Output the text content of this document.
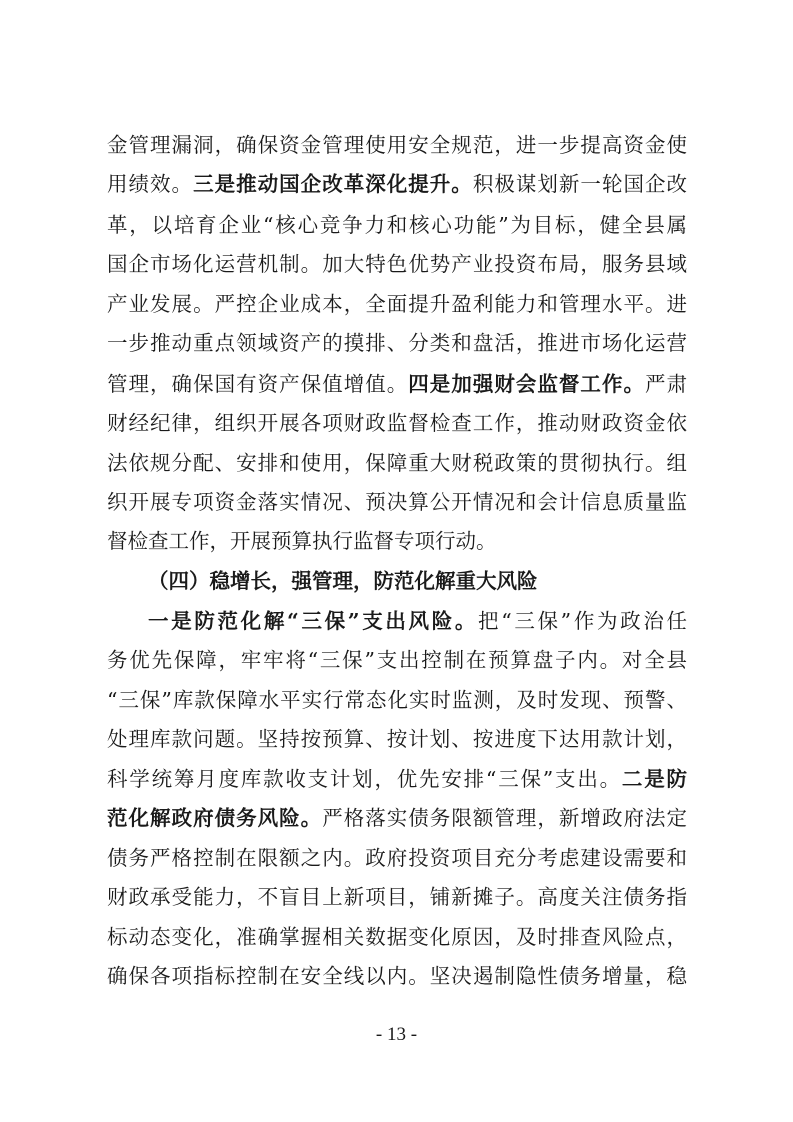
金管理漏洞，确保资金管理使用安全规范，进一步提高资金使
用绩效。三是推动国企改革深化提升。积极谋划新一轮国企改
革，以培育企业“核心竞争力和核心功能”为目标，健全县属
国企市场化运营机制。加大特色优势产业投资布局，服务县域
产业发展。严控企业成本，全面提升盈利能力和管理水平。进
一步推动重点领域资产的摸排、分类和盘活，推进市场化运营
管理，确保国有资产保值增值。四是加强财会监督工作。严肃
财经纪律，组织开展各项财政监督检查工作，推动财政资金依
法依规分配、安排和使用，保障重大财税政策的贯彻执行。组
织开展专项资金落实情况、预决算公开情况和会计信息质量监
督检查工作，开展预算执行监督专项行动。
（四）稳增长，强管理，防范化解重大风险
一是防范化解“三保”支出风险。把“三保”作为政治任
务优先保障，牢牢将“三保”支出控制在预算盘子内。对全县
“三保”库款保障水平实行常态化实时监测，及时发现、预警、
处理库款问题。坚持按预算、按计划、按进度下达用款计划，
科学统筹月度库款收支计划，优先安排“三保”支出。二是防
范化解政府债务风险。严格落实债务限额管理，新增政府法定
债务严格控制在限额之内。政府投资项目充分考虑建设需要和
财政承受能力，不盲目上新项目，铺新摊子。高度关注债务指
标动态变化，准确掌握相关数据变化原因，及时排查风险点，
确保各项指标控制在安全线以内。坚决遏制隐性债务增量，稳
- 13 -
